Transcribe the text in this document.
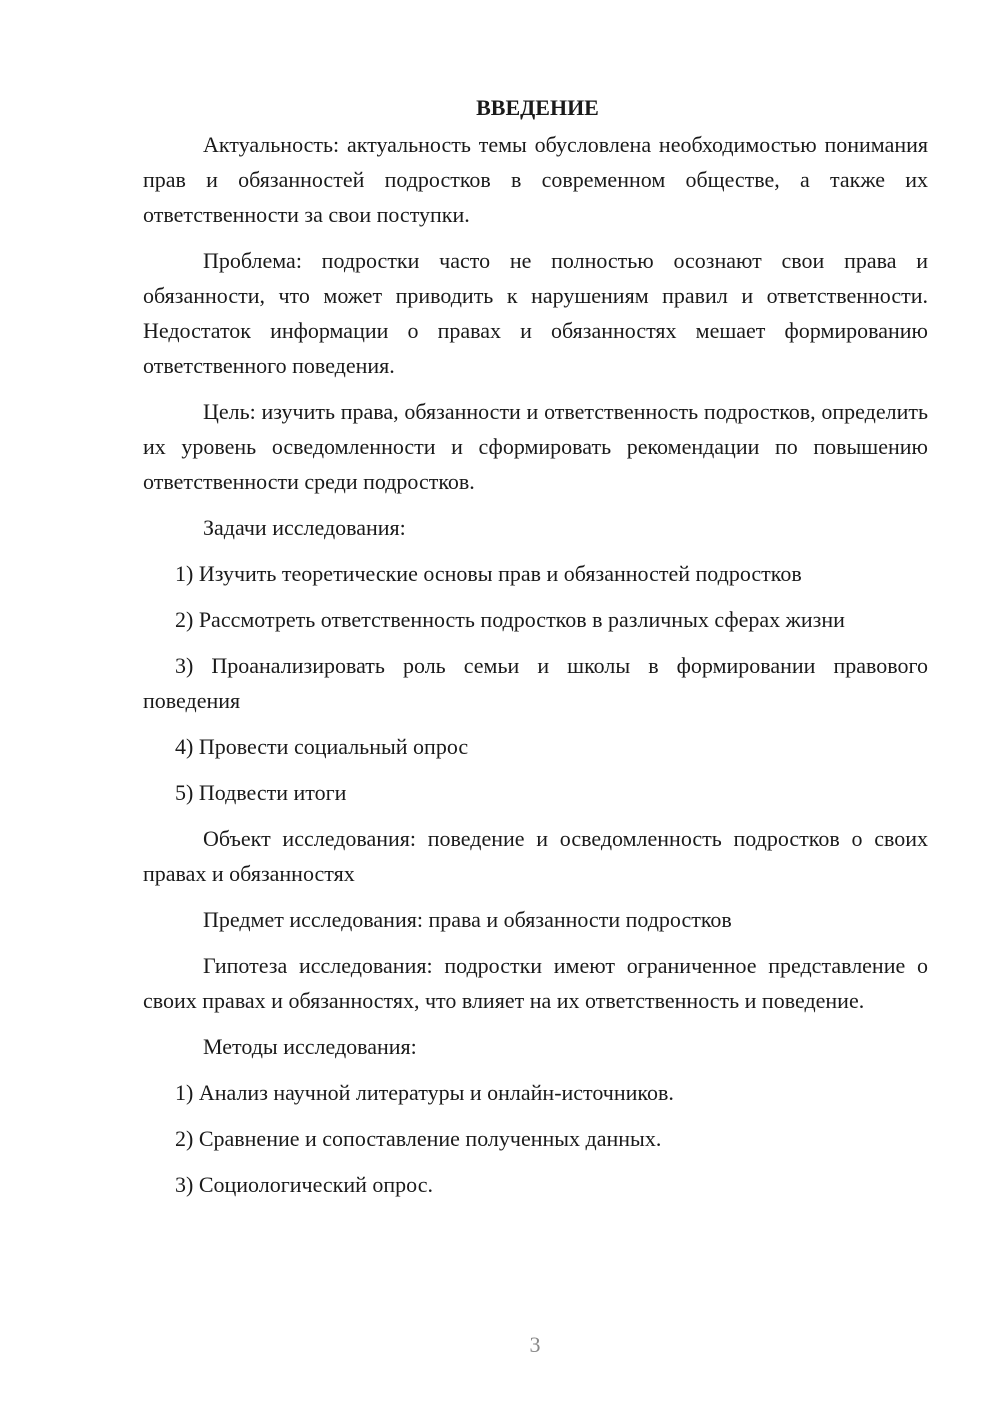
ВВЕДЕНИЕ

Актуальность: актуальность темы обусловлена необходимостью понимания прав и обязанностей подростков в современном обществе, а также их ответственности за свои поступки.

Проблема: подростки часто не полностью осознают свои права и обязанности, что может приводить к нарушениям правил и ответственности. Недостаток информации о правах и обязанностях мешает формированию ответственного поведения.

Цель: изучить права, обязанности и ответственность подростков, определить их уровень осведомленности и сформировать рекомендации по повышению ответственности среди подростков.

Задачи исследования:

1) Изучить теоретические основы прав и обязанностей подростков

2) Рассмотреть ответственность подростков в различных сферах жизни

3) Проанализировать роль семьи и школы в формировании правового поведения

4) Провести социальный опрос

5) Подвести итоги

Объект исследования: поведение и осведомленность подростков о своих правах и обязанностях

Предмет исследования: права и обязанности подростков

Гипотеза исследования: подростки имеют ограниченное представление о своих правах и обязанностях, что влияет на их ответственность и поведение.

Методы исследования:

1) Анализ научной литературы и онлайн-источников.

2) Сравнение и сопоставление полученных данных.

3) Социологический опрос.

3
